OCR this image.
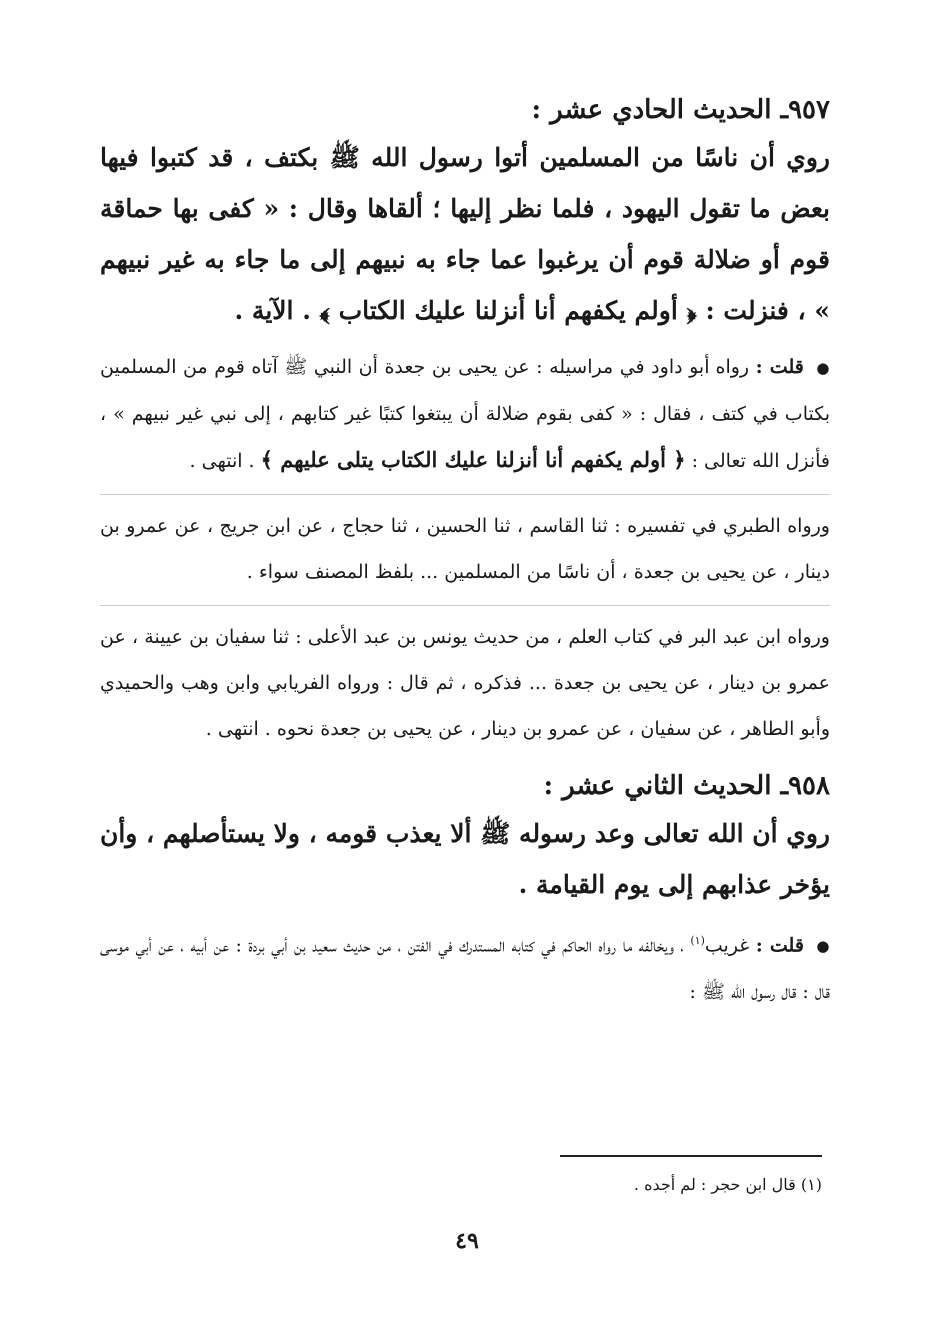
٩٥٧ـ الحديث الحادي عشر :

روي أن ناسًا من المسلمين أتوا رسول الله ﷺ بكتف ، قد كتبوا فيها بعض ما تقول اليهود ، فلما نظر إليها ؛ ألقاها وقال : « كفى بها حماقة قوم أو ضلالة قوم أن يرغبوا عما جاء به نبيهم إلى ما جاء به غير نبيهم » ، فنزلت : ﴿ أولم يكفهم أنا أنزلنا عليك الكتاب ﴾ . الآية .

● قلت : رواه أبو داود في مراسيله : عن يحيى بن جعدة أن النبي ﷺ آتاه قوم من المسلمين بكتاب في كتف ، فقال : « كفى بقوم ضلالة أن يبتغوا كتبًا غير كتابهم ، إلى نبي غير نبيهم » ، فأنزل الله تعالى : ﴿ أولم يكفهم أنا أنزلنا عليك الكتاب يتلى عليهم ﴾ . انتهى .

ورواه الطبري في تفسيره : ثنا القاسم ، ثنا الحسين ، ثنا حجاج ، عن ابن جريج ، عن عمرو بن دينار ، عن يحيى بن جعدة ، أن ناسًا من المسلمين ... بلفظ المصنف سواء .

ورواه ابن عبد البر في كتاب العلم ، من حديث يونس بن عبد الأعلى : ثنا سفيان بن عيينة ، عن عمرو بن دينار ، عن يحيى بن جعدة ... فذكره ، ثم قال : ورواه الفريابي وابن وهب والحميدي وأبو الطاهر ، عن سفيان ، عن عمرو بن دينار ، عن يحيى بن جعدة نحوه . انتهى .

٩٥٨ـ الحديث الثاني عشر :

روي أن الله تعالى وعد رسوله ﷺ ألا يعذب قومه ، ولا يستأصلهم ، وأن يؤخر عذابهم إلى يوم القيامة .

● قلت : غريب$^{(١)}$ ، ويخالفه ما رواه الحاكم في كتابه المستدرك في الفتن ، من حديث سعيد بن أبي بردة : عن أبيه ، عن أبي موسى قال : قال رسول الله ﷺ :

(١) قال ابن حجر : لم أجده .
٤٩
